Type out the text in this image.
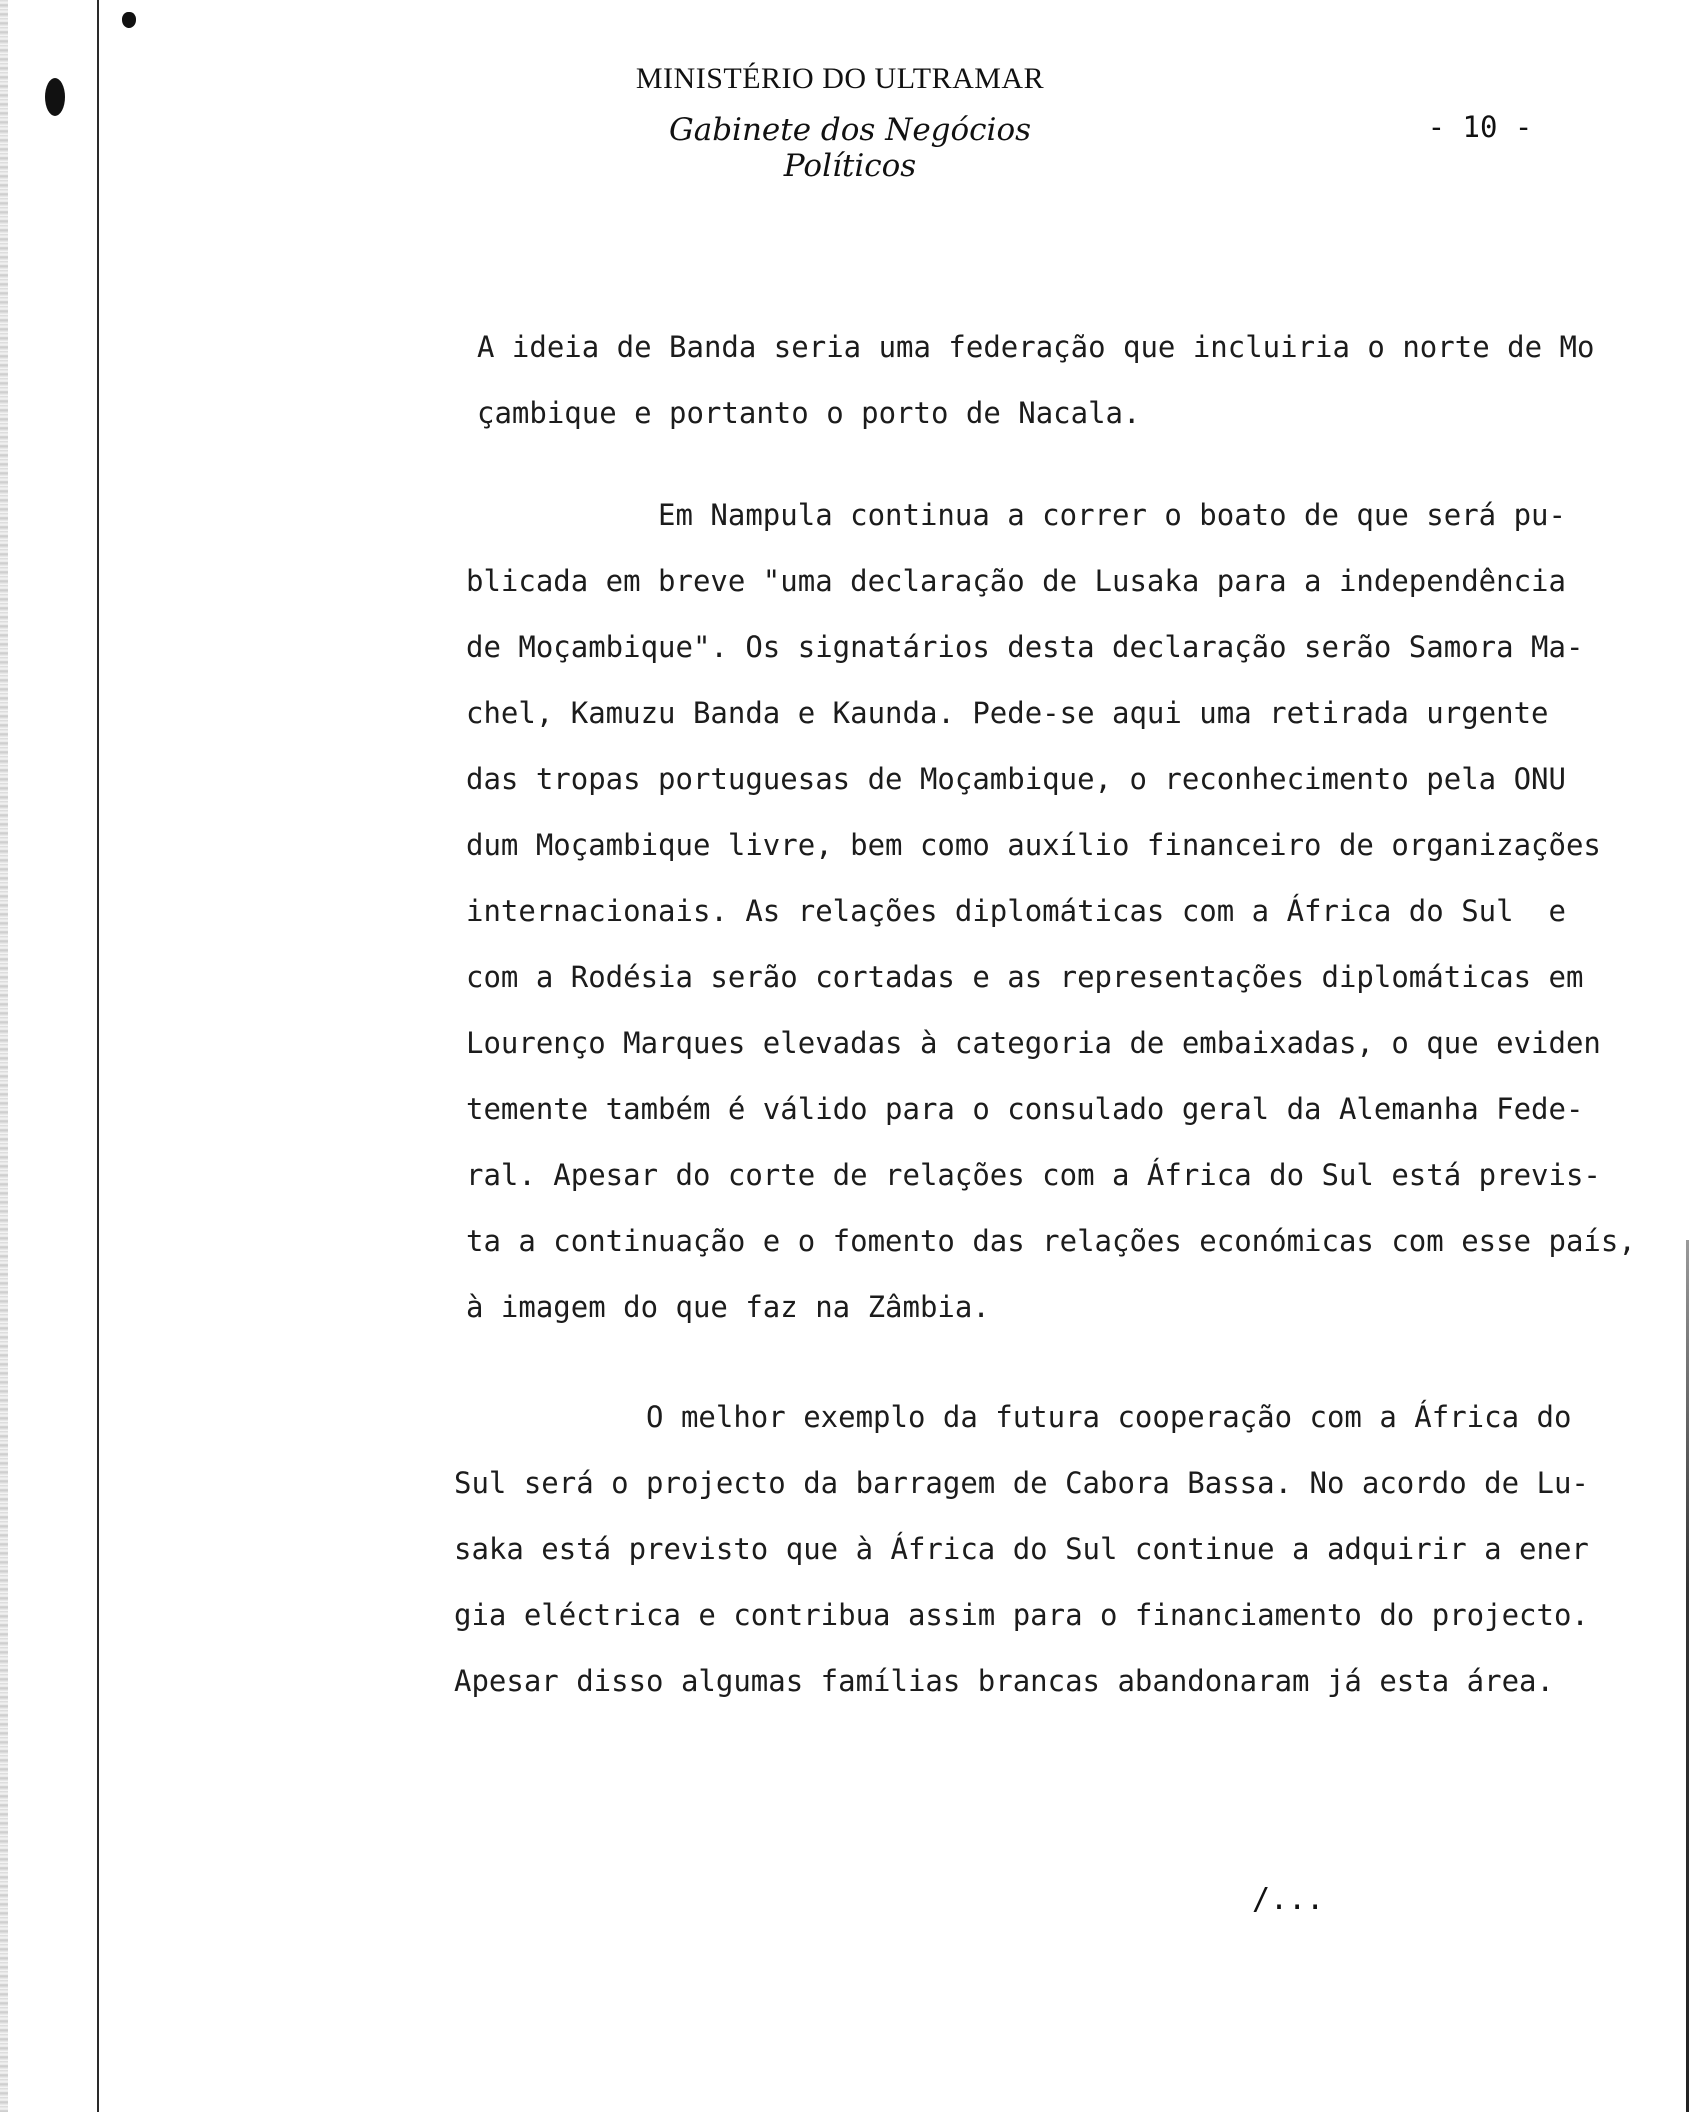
MINISTÉRIO DO ULTRAMAR
Gabinete dos Negócios Políticos
- 10 -
A ideia de Banda seria uma federação que incluiria o norte de Mo
çambique e portanto o porto de Nacala.
Em Nampula continua a correr o boato de que será pu-
blicada em breve "uma declaração de Lusaka para a independência
de Moçambique". Os signatários desta declaração serão Samora Ma-
chel, Kamuzu Banda e Kaunda. Pede-se aqui uma retirada urgente
das tropas portuguesas de Moçambique, o reconhecimento pela ONU
dum Moçambique livre, bem como auxílio financeiro de organizações
internacionais. As relações diplomáticas com a África do Sul  e
com a Rodésia serão cortadas e as representações diplomáticas em
Lourenço Marques elevadas à categoria de embaixadas, o que eviden
temente também é válido para o consulado geral da Alemanha Fede-
ral. Apesar do corte de relações com a África do Sul está previs-
ta a continuação e o fomento das relações económicas com esse país,
à imagem do que faz na Zâmbia.
O melhor exemplo da futura cooperação com a África do
Sul será o projecto da barragem de Cabora Bassa. No acordo de Lu-
saka está previsto que à África do Sul continue a adquirir a ener
gia eléctrica e contribua assim para o financiamento do projecto.
Apesar disso algumas famílias brancas abandonaram já esta área.
/...
